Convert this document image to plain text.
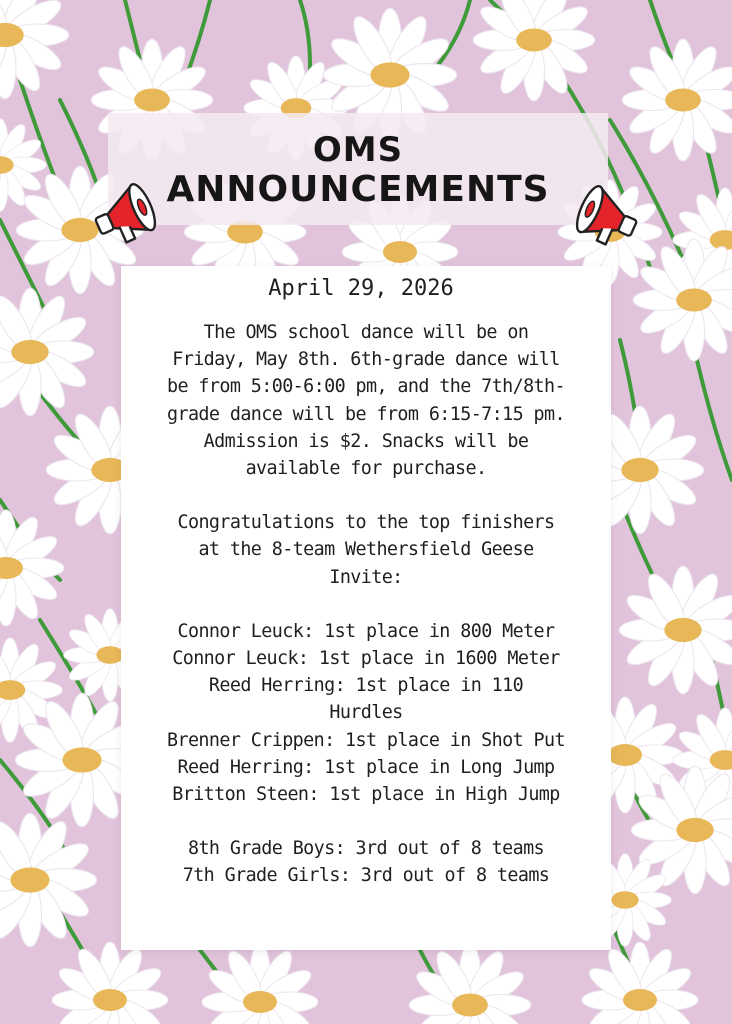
OMS
ANNOUNCEMENTS
April 29, 2026

The OMS school dance will be on

Friday, May 8th. 6th-grade dance will

be from 5:00-6:00 pm, and the 7th/8th-

grade dance will be from 6:15-7:15 pm.

Admission is $2. Snacks will be

available for purchase.

Congratulations to the top finishers

at the 8-team Wethersfield Geese

Invite:

Connor Leuck: 1st place in 800 Meter

Connor Leuck: 1st place in 1600 Meter

Reed Herring: 1st place in 110

Hurdles

Brenner Crippen: 1st place in Shot Put

Reed Herring: 1st place in Long Jump

Britton Steen: 1st place in High Jump

8th Grade Boys: 3rd out of 8 teams

7th Grade Girls: 3rd out of 8 teams
